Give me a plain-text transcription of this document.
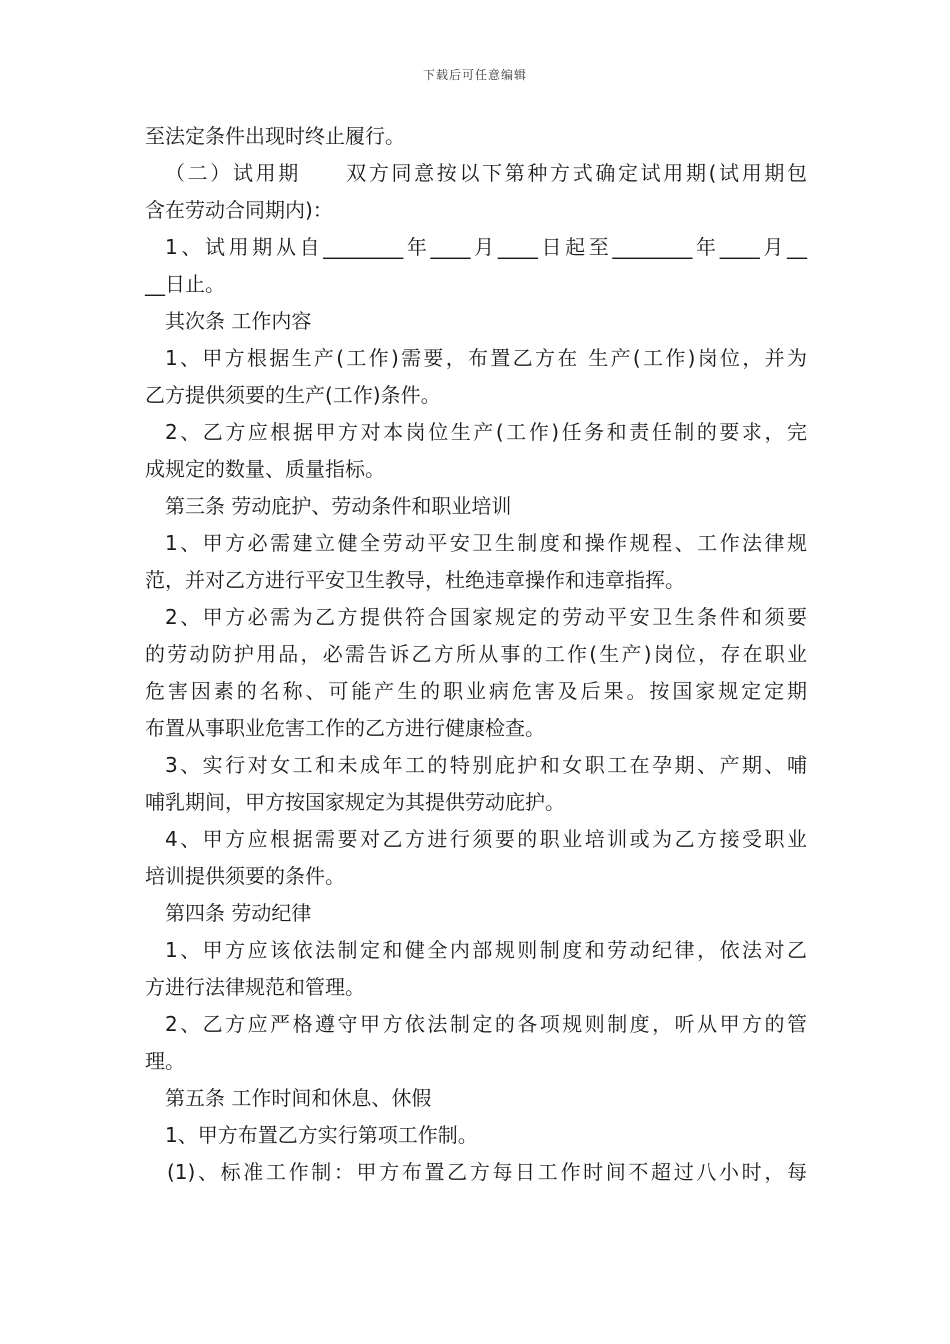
下载后可任意编辑
至法定条件出现时终止履行。
（二）试用期　　双方同意按以下第种方式确定试用期(试用期包
含在劳动合同期内)：
1、试用期从自________年____月____日起至________年____月__
__日止。
其次条 工作内容
1、甲方根据生产(工作)需要，布置乙方在 生产(工作)岗位，并为
乙方提供须要的生产(工作)条件。
2、乙方应根据甲方对本岗位生产(工作)任务和责任制的要求，完
成规定的数量、质量指标。
第三条 劳动庇护、劳动条件和职业培训
1、甲方必需建立健全劳动平安卫生制度和操作规程、工作法律规
范，并对乙方进行平安卫生教导，杜绝违章操作和违章指挥。
2、甲方必需为乙方提供符合国家规定的劳动平安卫生条件和须要
的劳动防护用品，必需告诉乙方所从事的工作(生产)岗位，存在职业
危害因素的名称、可能产生的职业病危害及后果。按国家规定定期
布置从事职业危害工作的乙方进行健康检查。
3、实行对女工和未成年工的特别庇护和女职工在孕期、产期、哺
哺乳期间，甲方按国家规定为其提供劳动庇护。
4、甲方应根据需要对乙方进行须要的职业培训或为乙方接受职业
培训提供须要的条件。
第四条 劳动纪律
1、甲方应该依法制定和健全内部规则制度和劳动纪律，依法对乙
方进行法律规范和管理。
2、乙方应严格遵守甲方依法制定的各项规则制度，听从甲方的管
理。
第五条 工作时间和休息、休假
1、甲方布置乙方实行第项工作制。
(1)、标准工作制：甲方布置乙方每日工作时间不超过八小时，每
